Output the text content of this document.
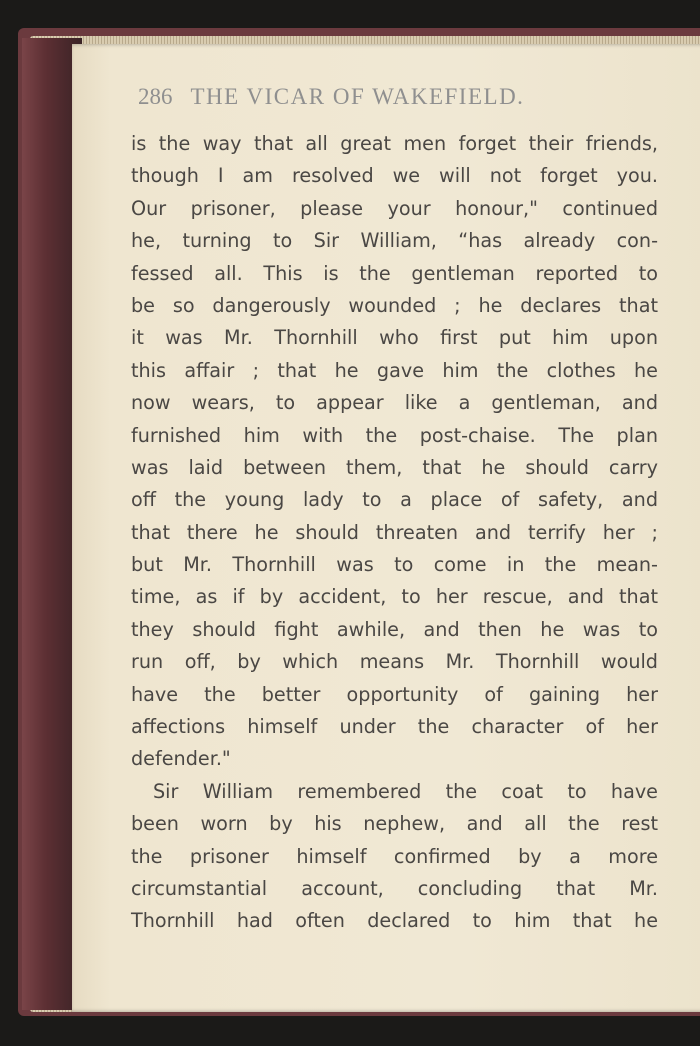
286 THE VICAR OF WAKEFIELD.
is the way that all great men forget their friends,
though I am resolved we will not forget you.
Our prisoner, please your honour," continued
he, turning to Sir William, “has already con-
fessed all. This is the gentleman reported to
be so dangerously wounded ; he declares that
it was Mr. Thornhill who first put him upon
this affair ; that he gave him the clothes he
now wears, to appear like a gentleman, and
furnished him with the post-chaise. The plan
was laid between them, that he should carry
off the young lady to a place of safety, and
that there he should threaten and terrify her ;
but Mr. Thornhill was to come in the mean-
time, as if by accident, to her rescue, and that
they should fight awhile, and then he was to
run off, by which means Mr. Thornhill would
have the better opportunity of gaining her
affections himself under the character of her
defender."
Sir William remembered the coat to have
been worn by his nephew, and all the rest
the prisoner himself confirmed by a more
circumstantial account, concluding that Mr.
Thornhill had often declared to him that he
